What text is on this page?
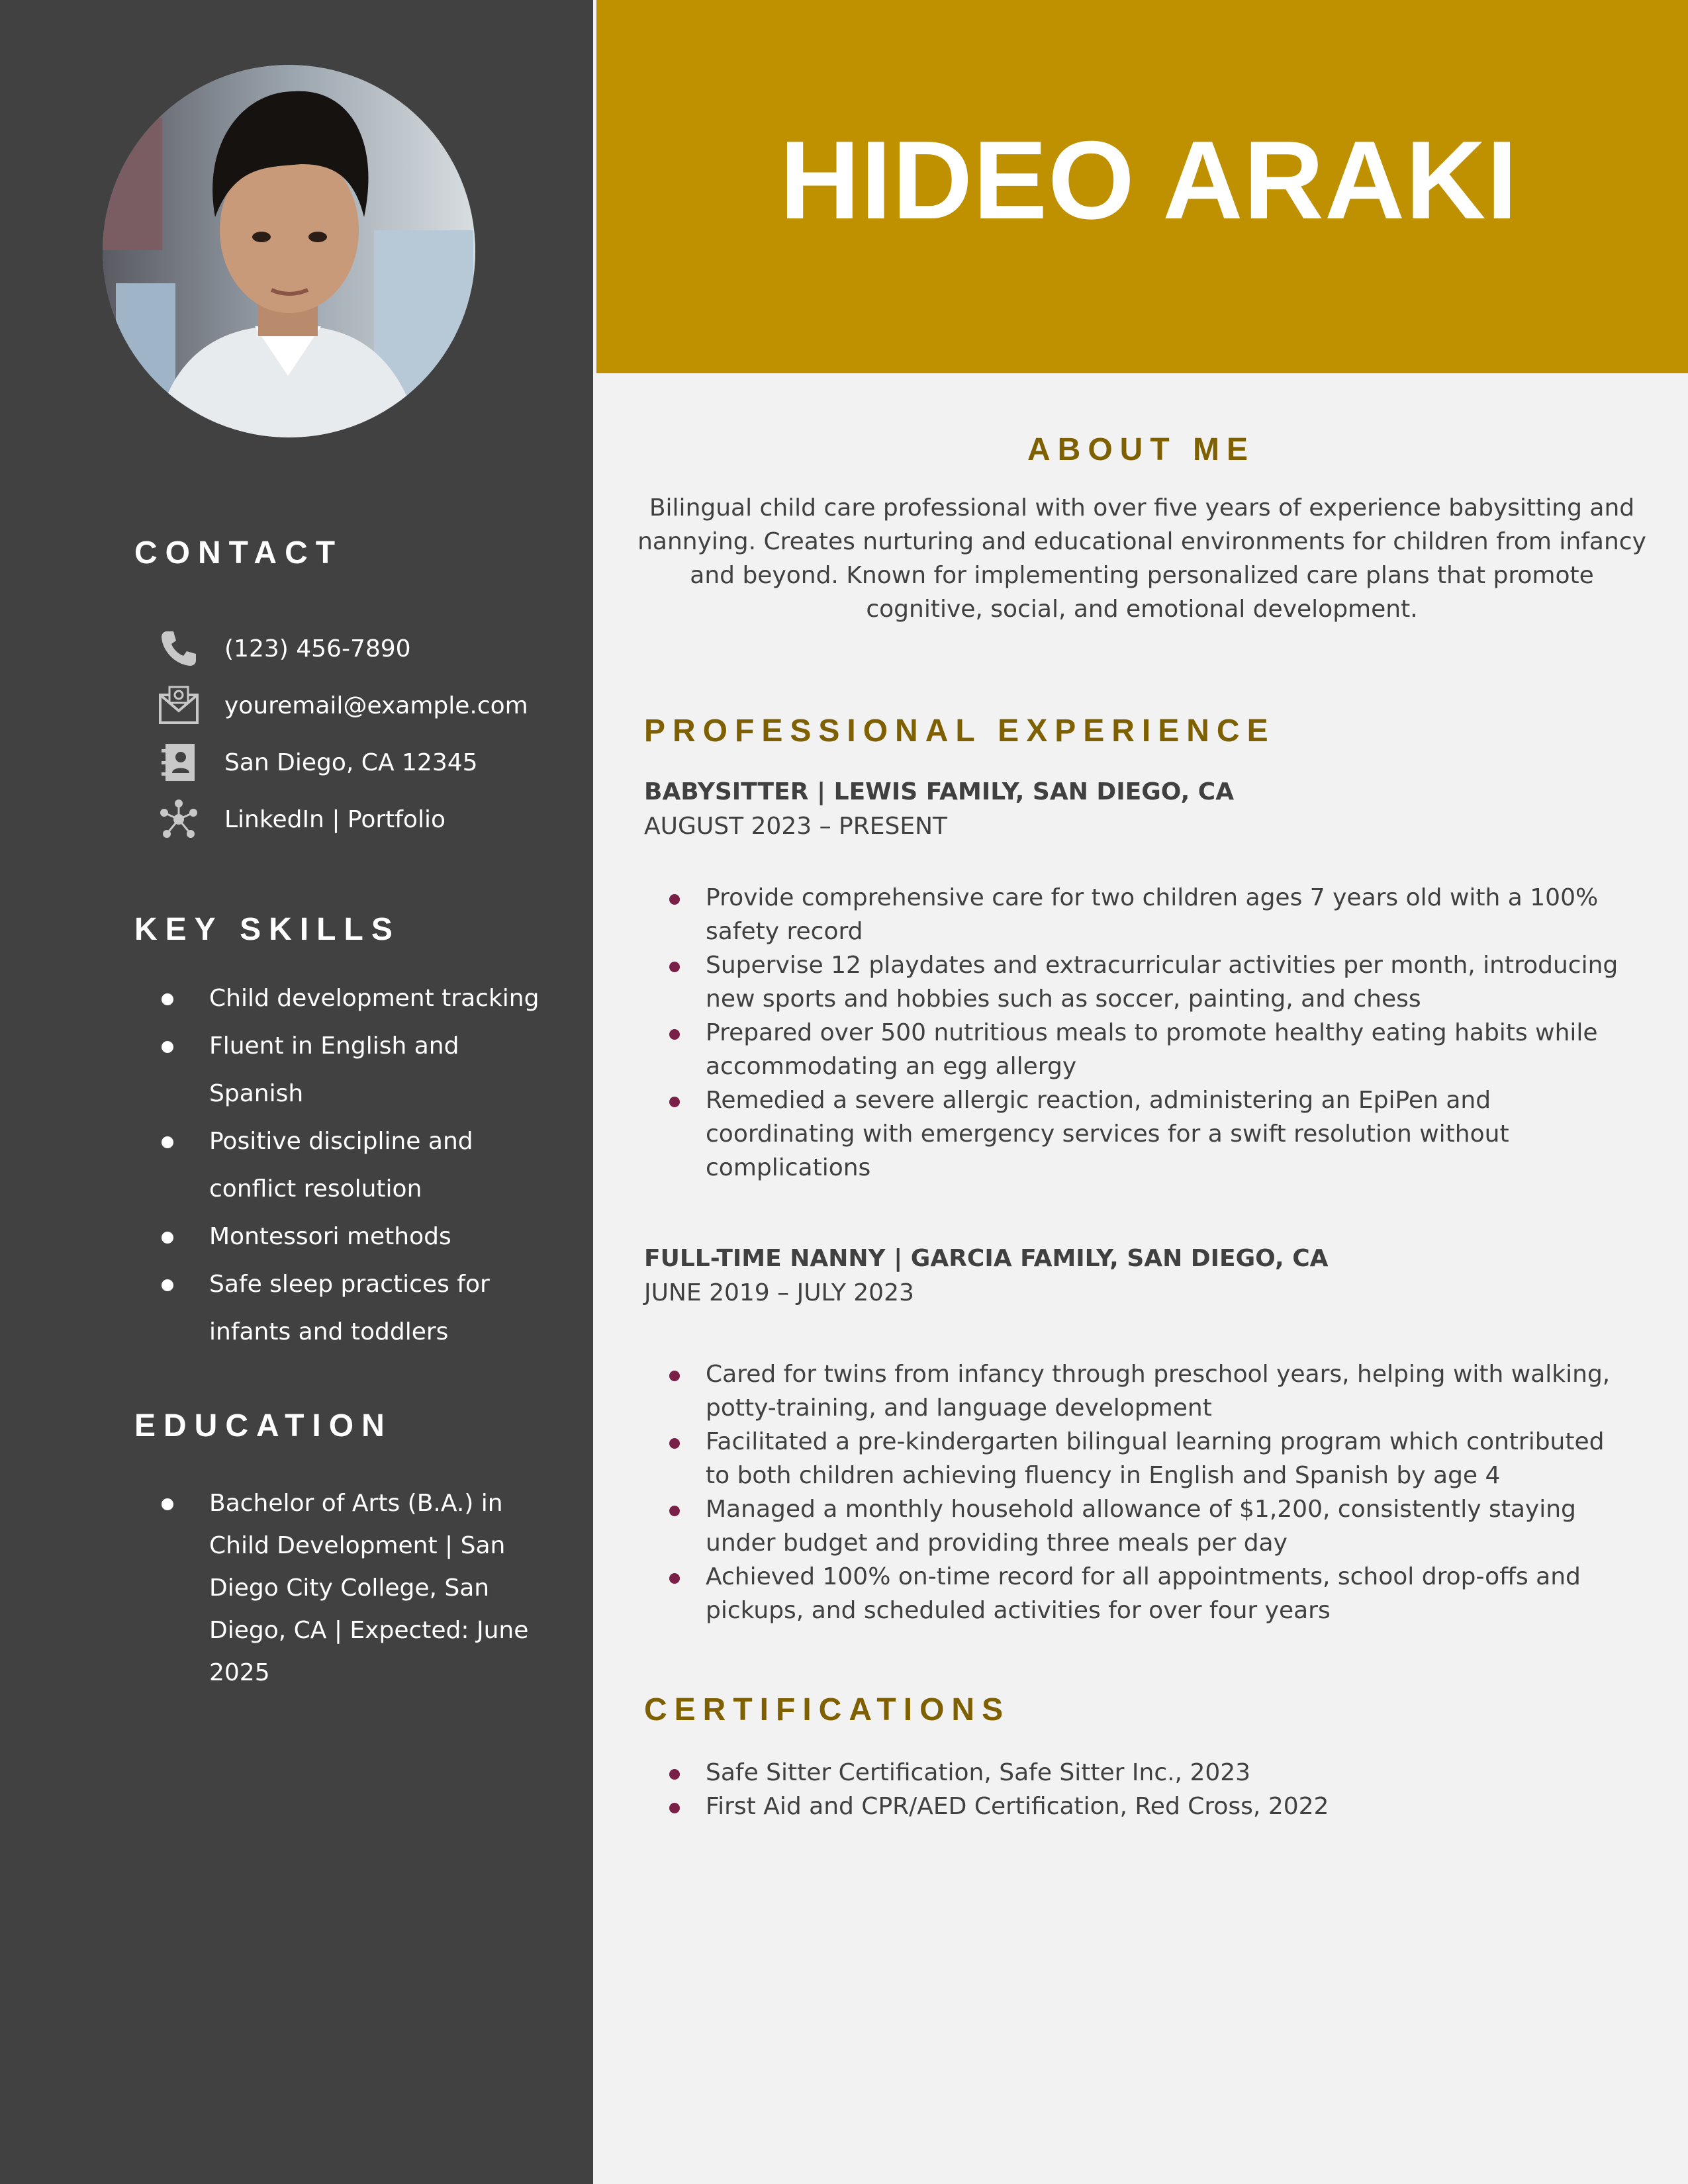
CONTACT
(123) 456-7890
youremail@example.com
San Diego, CA 12345
LinkedIn | Portfolio
KEY SKILLS
Child development tracking
Fluent in English and Spanish
Positive discipline and conflict resolution
Montessori methods
Safe sleep practices for infants and toddlers
EDUCATION
Bachelor of Arts (B.A.) in Child Development | San Diego City College, San Diego, CA | Expected: June 2025
HIDEO ARAKI
ABOUT ME

Bilingual child care professional with over five years of experience babysitting and nannying. Creates nurturing and educational environments for children from infancy and beyond. Known for implementing personalized care plans that promote cognitive, social, and emotional development.

PROFESSIONAL EXPERIENCE

BABYSITTER | LEWIS FAMILY, SAN DIEGO, CA

AUGUST 2023 – PRESENT

Provide comprehensive care for two children ages 7 years old with a 100% safety record
Supervise 12 playdates and extracurricular activities per month, introducing new sports and hobbies such as soccer, painting, and chess
Prepared over 500 nutritious meals to promote healthy eating habits while accommodating an egg allergy
Remedied a severe allergic reaction, administering an EpiPen and coordinating with emergency services for a swift resolution without complications

FULL-TIME NANNY | GARCIA FAMILY, SAN DIEGO, CA

JUNE 2019 – JULY 2023

Cared for twins from infancy through preschool years, helping with walking, potty-training, and language development
Facilitated a pre-kindergarten bilingual learning program which contributed to both children achieving fluency in English and Spanish by age 4
Managed a monthly household allowance of $1,200, consistently staying under budget and providing three meals per day
Achieved 100% on-time record for all appointments, school drop-offs and pickups, and scheduled activities for over four years
CERTIFICATIONS
Safe Sitter Certification, Safe Sitter Inc., 2023
First Aid and CPR/AED Certification, Red Cross, 2022
